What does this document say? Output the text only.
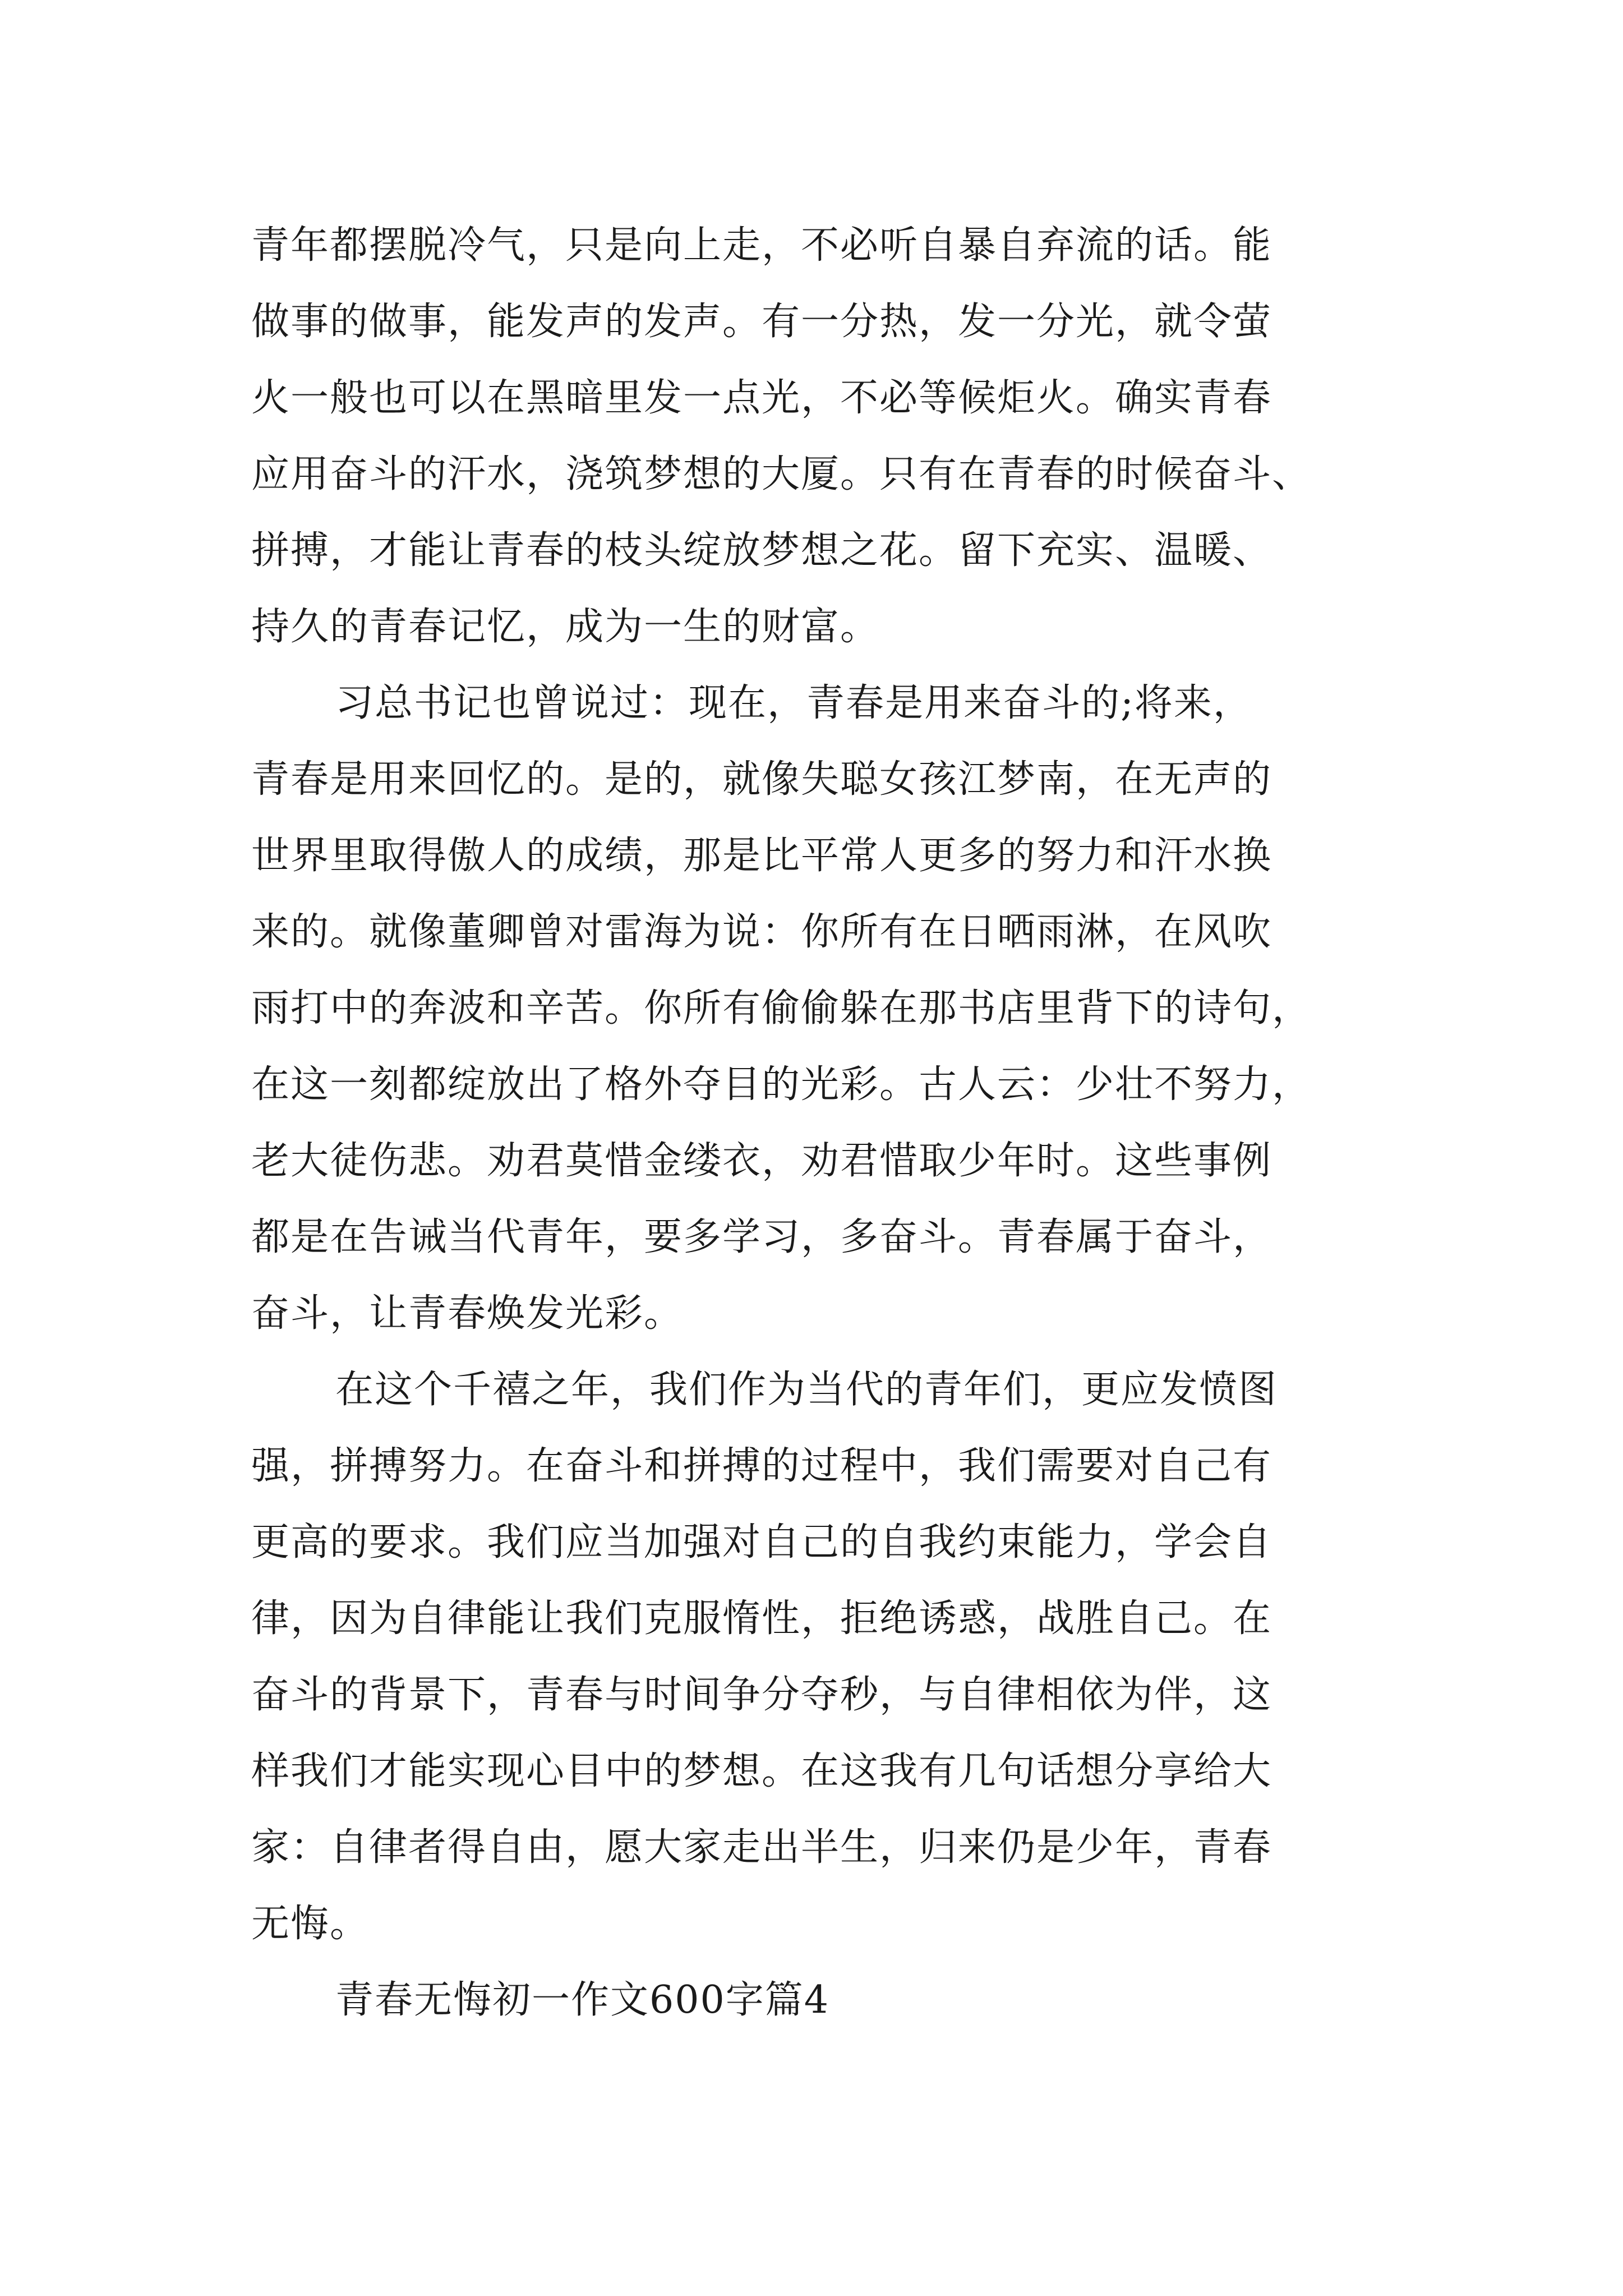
青年都摆脱冷气，只是向上走，不必听自暴自弃流的话。能
做事的做事，能发声的发声。有一分热，发一分光，就令萤
火一般也可以在黑暗里发一点光，不必等候炬火。确实青春
应用奋斗的汗水，浇筑梦想的大厦。只有在青春的时候奋斗、
拼搏，才能让青春的枝头绽放梦想之花。留下充实、温暖、
持久的青春记忆，成为一生的财富。
习总书记也曾说过：现在，青春是用来奋斗的;将来，
青春是用来回忆的。是的，就像失聪女孩江梦南，在无声的
世界里取得傲人的成绩，那是比平常人更多的努力和汗水换
来的。就像董卿曾对雷海为说：你所有在日晒雨淋，在风吹
雨打中的奔波和辛苦。你所有偷偷躲在那书店里背下的诗句，
在这一刻都绽放出了格外夺目的光彩。古人云：少壮不努力，
老大徒伤悲。劝君莫惜金缕衣，劝君惜取少年时。这些事例
都是在告诫当代青年，要多学习，多奋斗。青春属于奋斗，
奋斗，让青春焕发光彩。
在这个千禧之年，我们作为当代的青年们，更应发愤图
强，拼搏努力。在奋斗和拼搏的过程中，我们需要对自己有
更高的要求。我们应当加强对自己的自我约束能力，学会自
律，因为自律能让我们克服惰性，拒绝诱惑，战胜自己。在
奋斗的背景下，青春与时间争分夺秒，与自律相依为伴，这
样我们才能实现心目中的梦想。在这我有几句话想分享给大
家：自律者得自由，愿大家走出半生，归来仍是少年，青春
无悔。
青春无悔初一作文600字篇4
